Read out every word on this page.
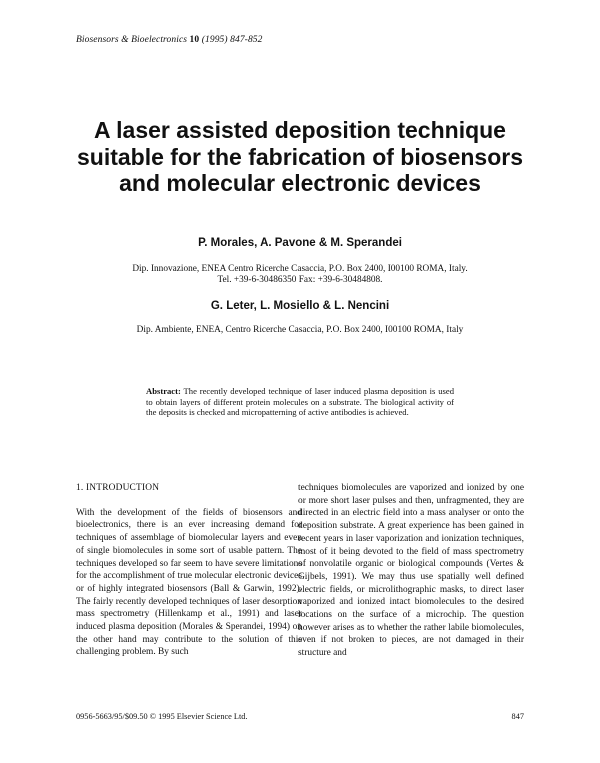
Biosensors & Bioelectronics 10 (1995) 847-852
A laser assisted deposition technique suitable for the fabrication of biosensors and molecular electronic devices
P. Morales, A. Pavone & M. Sperandei
Dip. Innovazione, ENEA Centro Ricerche Casaccia, P.O. Box 2400, I00100 ROMA, Italy.
Tel. +39-6-30486350 Fax: +39-6-30484808.
G. Leter, L. Mosiello & L. Nencini
Dip. Ambiente, ENEA, Centro Ricerche Casaccia, P.O. Box 2400, I00100 ROMA, Italy
Abstract: The recently developed technique of laser induced plasma deposition is used to obtain layers of different protein molecules on a substrate. The biological activity of the deposits is checked and micropatterning of active antibodies is achieved.
1. INTRODUCTION

With the development of the fields of biosensors and bioelectronics, there is an ever increasing demand for techniques of assemblage of biomolecular layers and even of single biomolecules in some sort of usable pattern. The techniques developed so far seem to have severe limitations for the accomplishment of true molecular electronic devices or of highly integrated biosensors (Ball & Garwin, 1992). The fairly recently developed techniques of laser desorption mass spectrometry (Hillenkamp et al., 1991) and laser induced plasma deposition (Morales & Sperandei, 1994) on the other hand may contribute to the solution of this challenging problem. By such

techniques biomolecules are vaporized and ionized by one or more short laser pulses and then, unfragmented, they are directed in an electric field into a mass analyser or onto the deposition substrate. A great experience has been gained in recent years in laser vaporization and ionization techniques, most of it being devoted to the field of mass spectrometry of nonvolatile organic or biological compounds (Vertes & Gijbels, 1991). We may thus use spatially well defined electric fields, or microlithographic masks, to direct laser vaporized and ionized intact biomolecules to the desired locations on the surface of a microchip. The question however arises as to whether the rather labile biomolecules, even if not broken to pieces, are not damaged in their structure and

0956-5663/95/$09.50 © 1995 Elsevier Science Ltd.	847
